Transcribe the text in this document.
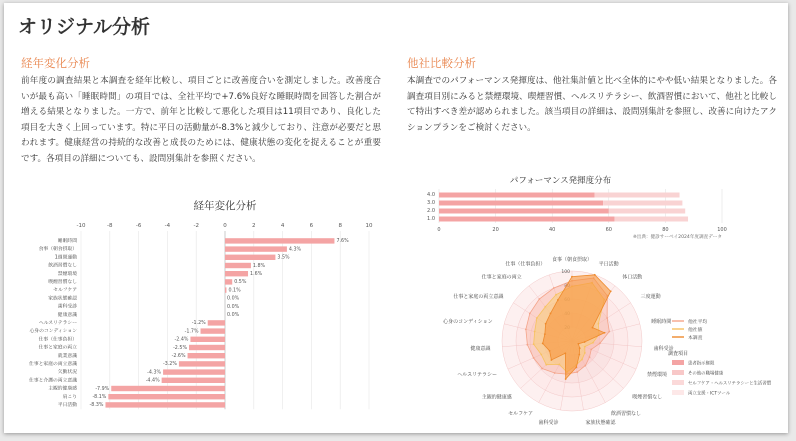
オリジナル分析
経年変化分析
前年度の調査結果と本調査を経年比較し、項目ごとに改善度合いを測定しました。改善度合いが最も高い「睡眠時間」の項目では、全社平均で+7.6%良好な睡眠時間を回答した割合が増える結果となりました。一方で、前年と比較して悪化した項目は11項目であり、良化した項目を大きく上回っています。特に平日の活動量が-8.3%と減少しており、注意が必要だと思われます。健康経営の持続的な改善と成長のためには、健康状態の変化を捉えることが重要です。各項目の詳細についても、設問別集計を参照ください。
他社比較分析
本調査でのパフォーマンス発揮度は、他社集計値と比べ全体的にやや低い結果となりました。各調査項目別にみると禁煙環境、喫煙習慣、ヘルスリテラシー、飲酒習慣において、他社と比較して特出すべき差が認められました。該当項目の詳細は、設問別集計を参照し、改善に向けたアクションプランをご検討ください。
経年変化分析
-10	-8	-6	-4	-2	0	2	4	6	8	10
睡眠時間	7.6%
食事（朝食摂取）	4.3%
1週間運動	3.5%
飲酒習慣なし	1.8%
禁煙環境	1.6%
喫煙習慣なし	0.5%
セルフケア	0.1%
家族状態確認	0.0%
歯科受診	0.0%
健康意識	0.0%
ヘルスリテラシー	-1.2%
心身のコンディション	-1.7%
仕事（仕事負担）	-2.4%
仕事と家庭の両立	-2.5%
就業意識	-2.6%
仕事と家庭の両立意識	-3.2%
欠勤状況	-4.3%
仕事と介護の両立意識	-4.4%
主観的健康感	-7.9%
肩こり	-8.1%
平日活動	-8.3%
パフォーマンス発揮度分布
0	20	40	60	80	100
4.0
3.0
2.0
1.0
※出典：健診サーベイ2024年度調査データ
食事（朝食摂取）
平日活動
体口活動
三度運動
睡眠時間
歯科受診
禁煙環境
喫煙習慣なし
飲酒習慣なし
家族状態確認
歯科受診
セルフケア
主観的健康感
ヘルスリテラシー
健康意識
心身のコンディション
仕事と家庭の両立意識
仕事と家庭の両立
仕事（仕事負担）
100
他社平均
他社値
本調査
調査項目
患者指示権限
その他の職場健康
セルフケア・ヘルスリテラシーと生活習慣
両立支援・ICTツール
